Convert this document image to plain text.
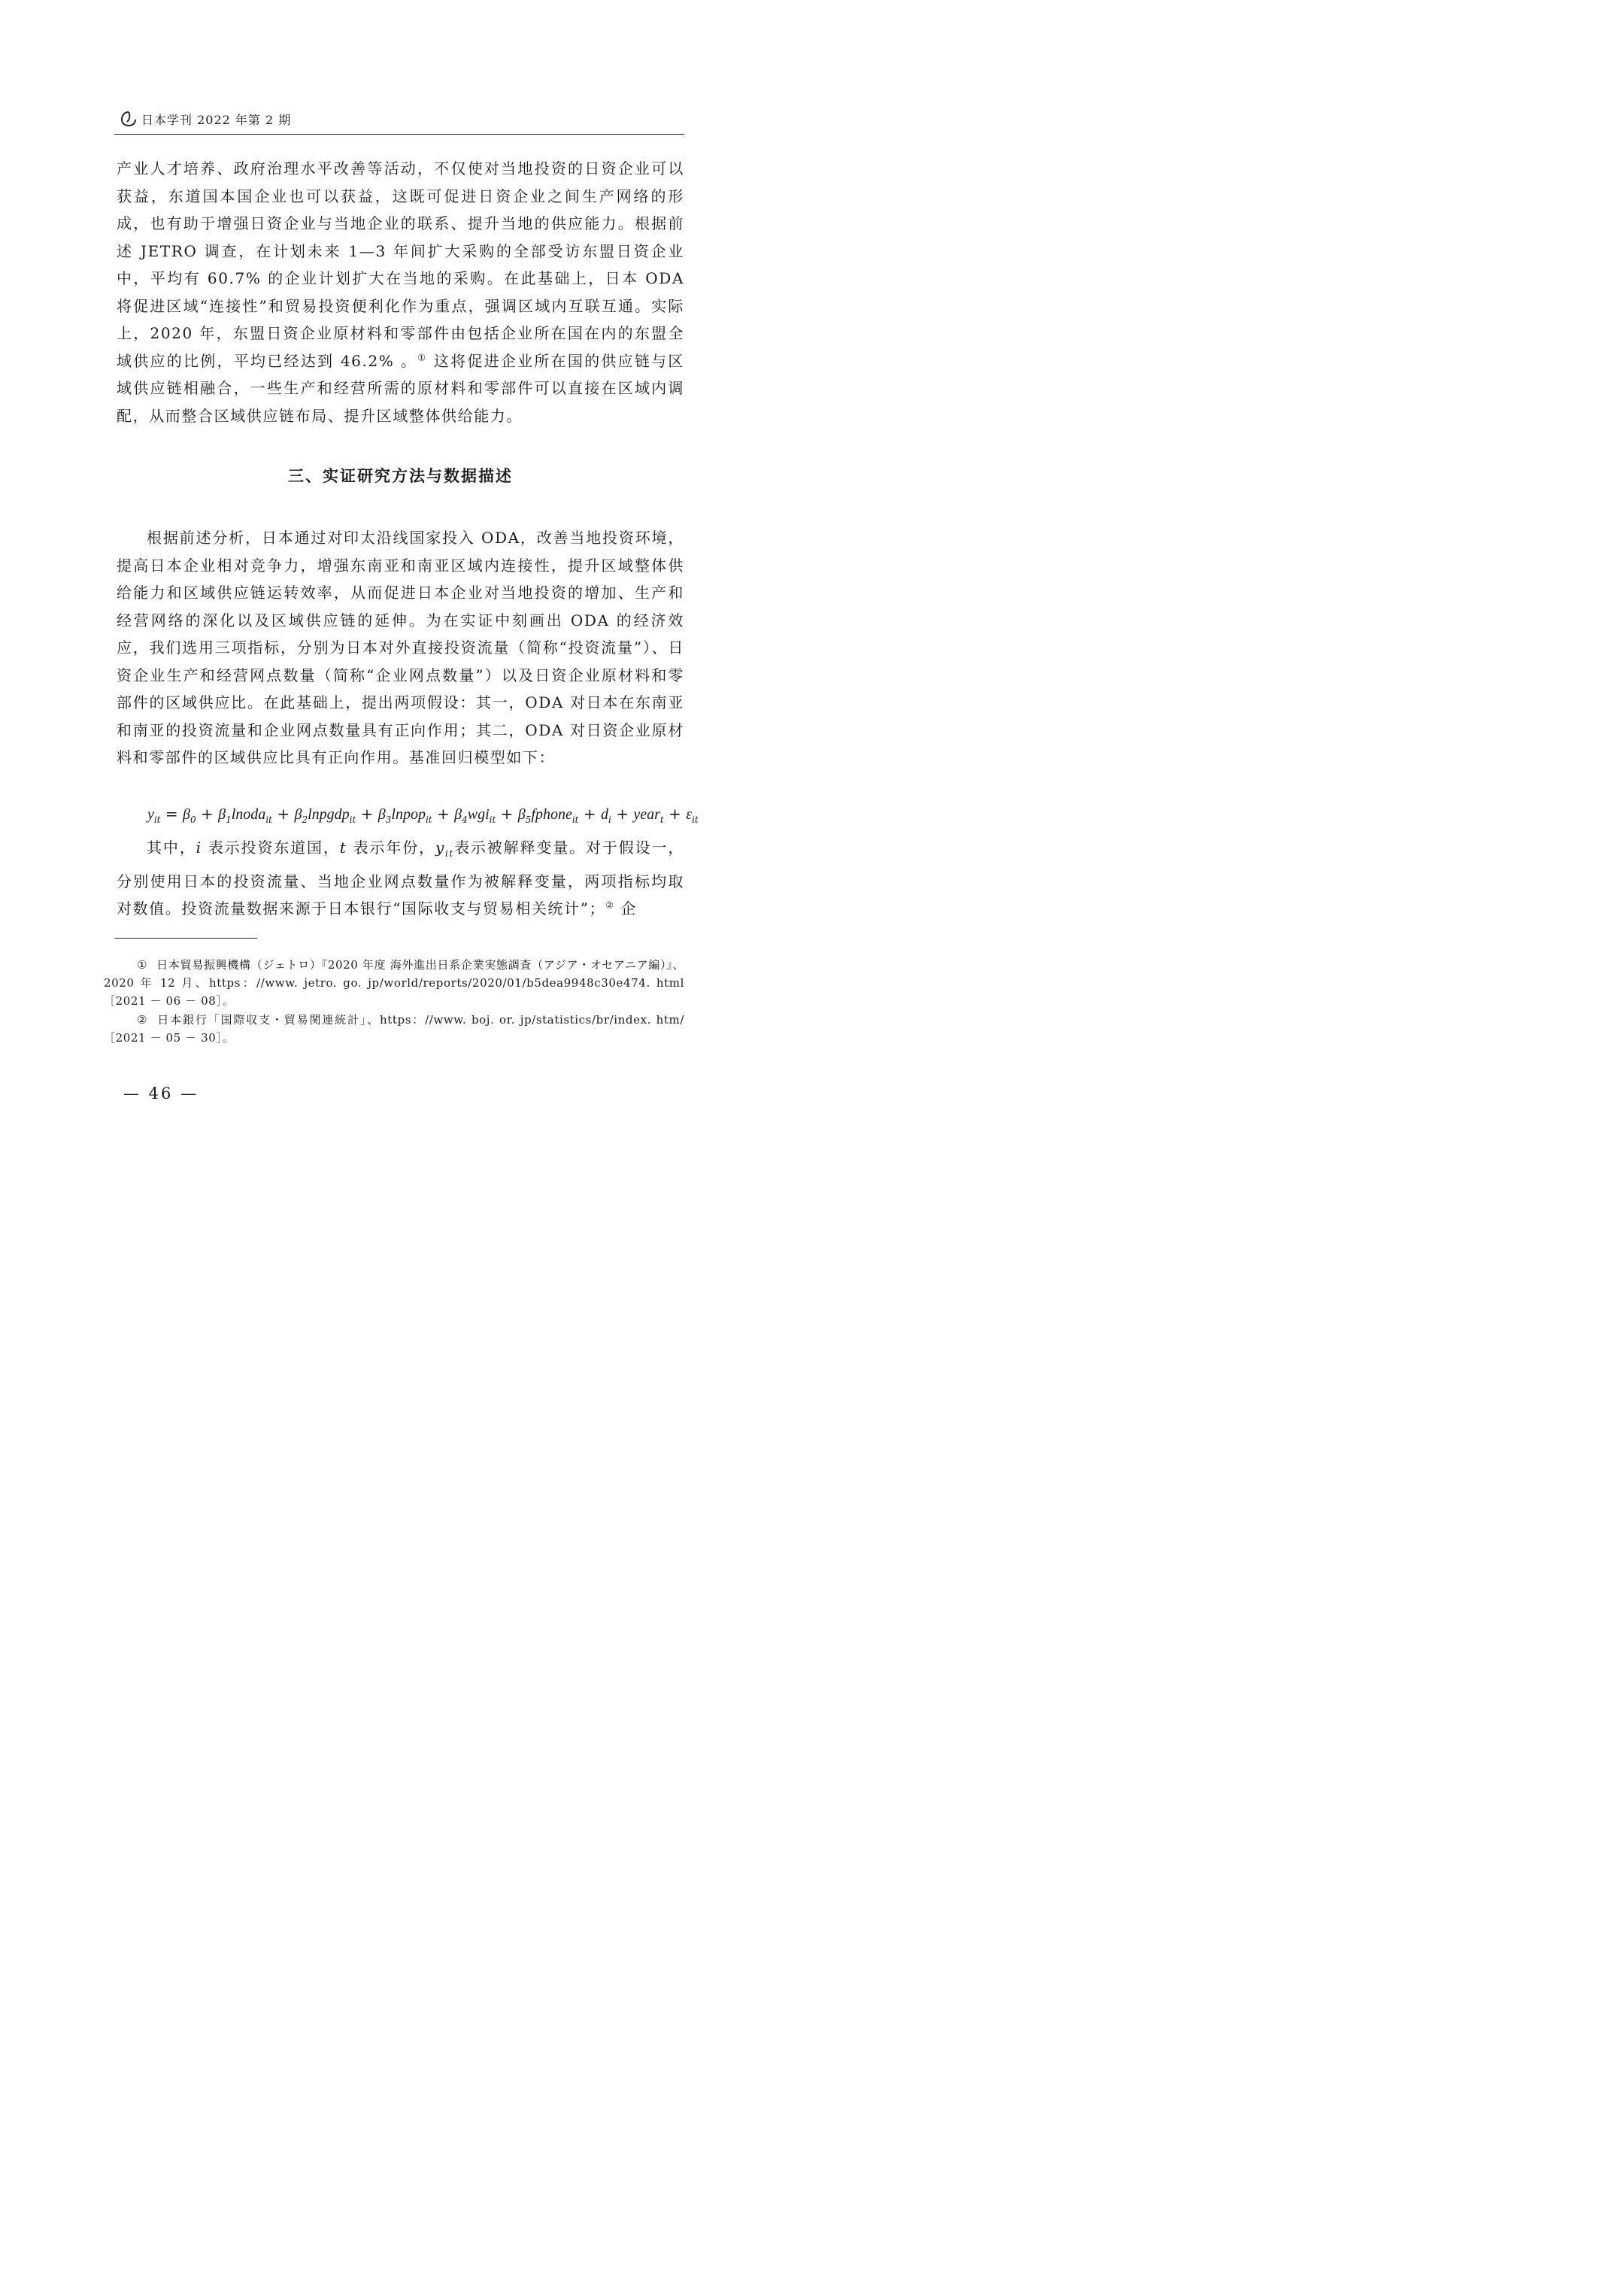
日本学刊 2022 年第 2 期

产业人才培养、政府治理水平改善等活动，不仅使对当地投资的日资企业可以获益，东道国本国企业也可以获益，这既可促进日资企业之间生产网络的形成，也有助于增强日资企业与当地企业的联系、提升当地的供应能力。根据前述 JETRO 调查，在计划未来 1—3 年间扩大采购的全部受访东盟日资企业中，平均有 60.7% 的企业计划扩大在当地的采购。在此基础上，日本 ODA 将促进区域“连接性”和贸易投资便利化作为重点，强调区域内互联互通。实际上，2020 年，东盟日资企业原材料和零部件由包括企业所在国在内的东盟全域供应的比例，平均已经达到 46.2% 。① 这将促进企业所在国的供应链与区域供应链相融合，一些生产和经营所需的原材料和零部件可以直接在区域内调配，从而整合区域供应链布局、提升区域整体供给能力。

三、实证研究方法与数据描述

根据前述分析，日本通过对印太沿线国家投入 ODA，改善当地投资环境，提高日本企业相对竞争力，增强东南亚和南亚区域内连接性，提升区域整体供给能力和区域供应链运转效率，从而促进日本企业对当地投资的增加、生产和经营网络的深化以及区域供应链的延伸。为在实证中刻画出 ODA 的经济效应，我们选用三项指标，分别为日本对外直接投资流量（简称“投资流量”）、日资企业生产和经营网点数量（简称“企业网点数量”）以及日资企业原材料和零部件的区域供应比。在此基础上，提出两项假设：其一，ODA 对日本在东南亚和南亚的投资流量和企业网点数量具有正向作用；其二，ODA 对日资企业原材料和零部件的区域供应比具有正向作用。基准回归模型如下：

$y_{it} = \beta_0$ + $\beta_1lnoda_{it}$ + $\beta_2lnpgdp_{it}$ + $\beta_3lnpop_{it} + \beta_4wgi_{it}$ + $\beta_5fphone_{it} + d_i$ + year$_t$ + $\varepsilon_{it}$

其中，i 表示投资东道国，t 表示年份，$y_{it}$表示被解释变量。对于假设一，分别使用日本的投资流量、当地企业网点数量作为被解释变量，两项指标均取对数值。投资流量数据来源于日本银行“国际收支与贸易相关统计”；② 企

① 日本貿易振興機構（ジェトロ）『2020 年度 海外進出日系企業実態調査（アジア・オセアニア編）』、2020 年 12 月、https：//www. jetro. go. jp/world/reports/2020/01/b5dea9948c30e474. html［2021 － 06 － 08］。

② 日本銀行「国際収支・貿易関連統計」、https：//www. boj. or. jp/statistics/br/index. htm/［2021 － 05 － 30］。

— 46 —
